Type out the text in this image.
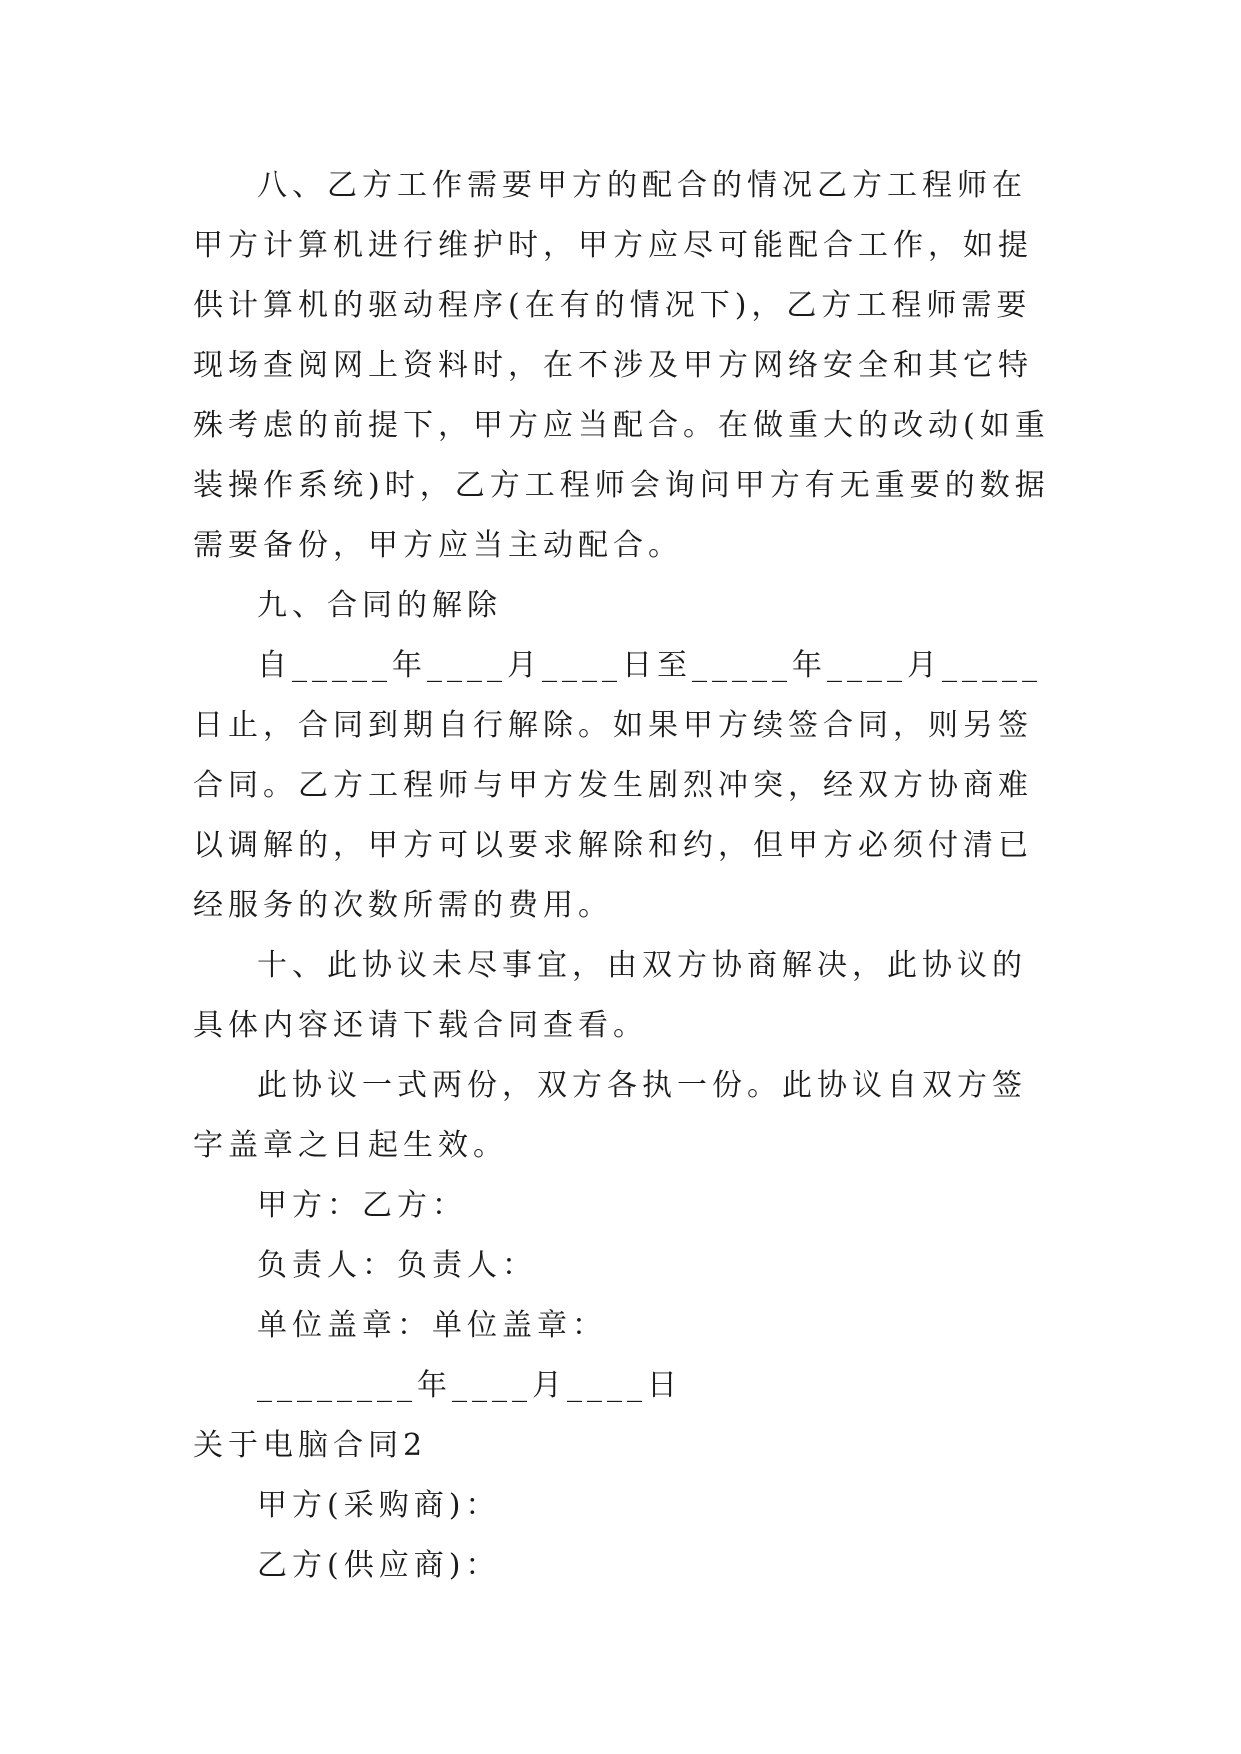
八、乙方工作需要甲方的配合的情况乙方工程师在甲方计算机进行维护时，甲方应尽可能配合工作，如提供计算机的驱动程序(在有的情况下)，乙方工程师需要现场查阅网上资料时，在不涉及甲方网络安全和其它特殊考虑的前提下，甲方应当配合。在做重大的改动(如重装操作系统)时，乙方工程师会询问甲方有无重要的数据需要备份，甲方应当主动配合。

九、合同的解除

自_____年____月____日至_____年____月_____日止，合同到期自行解除。如果甲方续签合同，则另签合同。乙方工程师与甲方发生剧烈冲突，经双方协商难以调解的，甲方可以要求解除和约，但甲方必须付清已经服务的次数所需的费用。

十、此协议未尽事宜，由双方协商解决，此协议的具体内容还请下载合同查看。

此协议一式两份，双方各执一份。此协议自双方签字盖章之日起生效。

甲方：乙方：

负责人：负责人：

单位盖章：单位盖章：

________年____月____日

关于电脑合同2

甲方(采购商)：

乙方(供应商)：
